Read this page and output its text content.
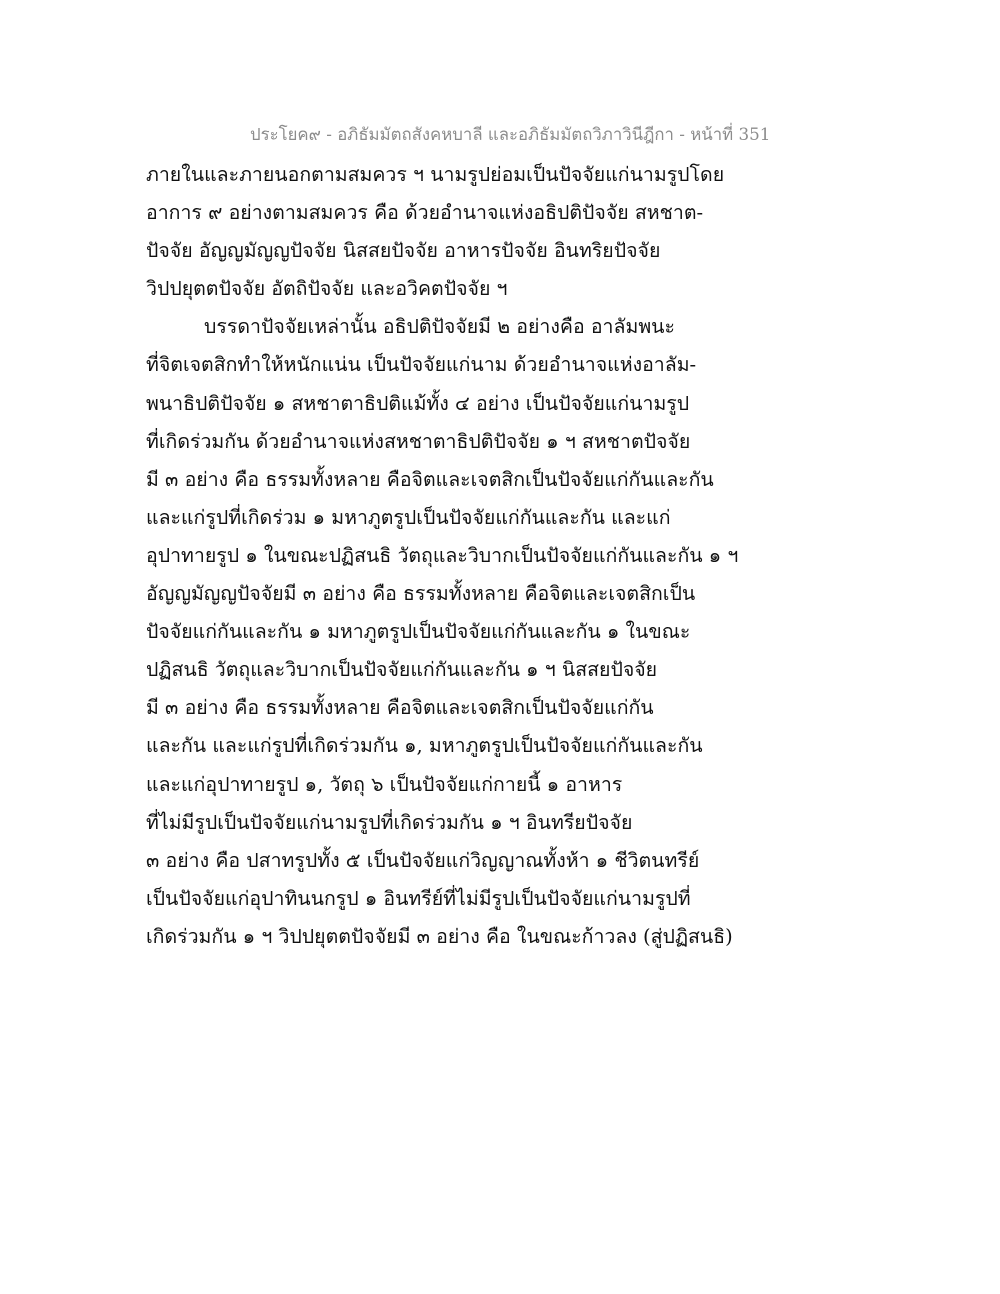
ประโยค๙ - อภิธัมมัตถสังคหบาลี และอภิธัมมัตถวิภาวินีฎีกา - หน้าที่ 351
ภายในและภายนอกตามสมควร ฯ นามรูปย่อมเป็นปัจจัยแก่นามรูปโดย
อาการ ๙ อย่างตามสมควร คือ ด้วยอำนาจแห่งอธิปติปัจจัย สหชาต-
ปัจจัย อัญญมัญญปัจจัย นิสสยปัจจัย อาหารปัจจัย อินทริยปัจจัย
วิปปยุตตปัจจัย อัตถิปัจจัย และอวิคตปัจจัย ฯ
บรรดาปัจจัยเหล่านั้น อธิปติปัจจัยมี ๒ อย่างคือ อาลัมพนะ
ที่จิตเจตสิกทำให้หนักแน่น เป็นปัจจัยแก่นาม ด้วยอำนาจแห่งอาลัม-
พนาธิปติปัจจัย ๑ สหชาตาธิปติแม้ทั้ง ๔ อย่าง เป็นปัจจัยแก่นามรูป
ที่เกิดร่วมกัน ด้วยอำนาจแห่งสหชาตาธิปติปัจจัย ๑ ฯ สหชาตปัจจัย
มี ๓ อย่าง คือ ธรรมทั้งหลาย คือจิตและเจตสิกเป็นปัจจัยแก่กันและกัน
และแก่รูปที่เกิดร่วม ๑ มหาภูตรูปเป็นปัจจัยแก่กันและกัน และแก่
อุปาทายรูป ๑ ในขณะปฏิสนธิ วัตถุและวิบากเป็นปัจจัยแก่กันและกัน ๑ ฯ
อัญญมัญญปัจจัยมี ๓ อย่าง คือ ธรรมทั้งหลาย คือจิตและเจตสิกเป็น
ปัจจัยแก่กันและกัน ๑ มหาภูตรูปเป็นปัจจัยแก่กันและกัน ๑ ในขณะ
ปฏิสนธิ วัตถุและวิบากเป็นปัจจัยแก่กันและกัน ๑ ฯ นิสสยปัจจัย
มี ๓ อย่าง คือ ธรรมทั้งหลาย คือจิตและเจตสิกเป็นปัจจัยแก่กัน
และกัน และแก่รูปที่เกิดร่วมกัน ๑, มหาภูตรูปเป็นปัจจัยแก่กันและกัน
และแก่อุปาทายรูป ๑, วัตถุ ๖ เป็นปัจจัยแก่กายนี้ ๑ อาหาร
ที่ไม่มีรูปเป็นปัจจัยแก่นามรูปที่เกิดร่วมกัน ๑ ฯ อินทรียปัจจัย
๓ อย่าง คือ ปสาทรูปทั้ง ๕ เป็นปัจจัยแก่วิญญาณทั้งห้า ๑ ชีวิตนทรีย์
เป็นปัจจัยแก่อุปาทินนกรูป ๑ อินทรีย์ที่ไม่มีรูปเป็นปัจจัยแก่นามรูปที่
เกิดร่วมกัน ๑ ฯ วิปปยุตตปัจจัยมี ๓ อย่าง คือ ในขณะก้าวลง (สู่ปฏิสนธิ)
